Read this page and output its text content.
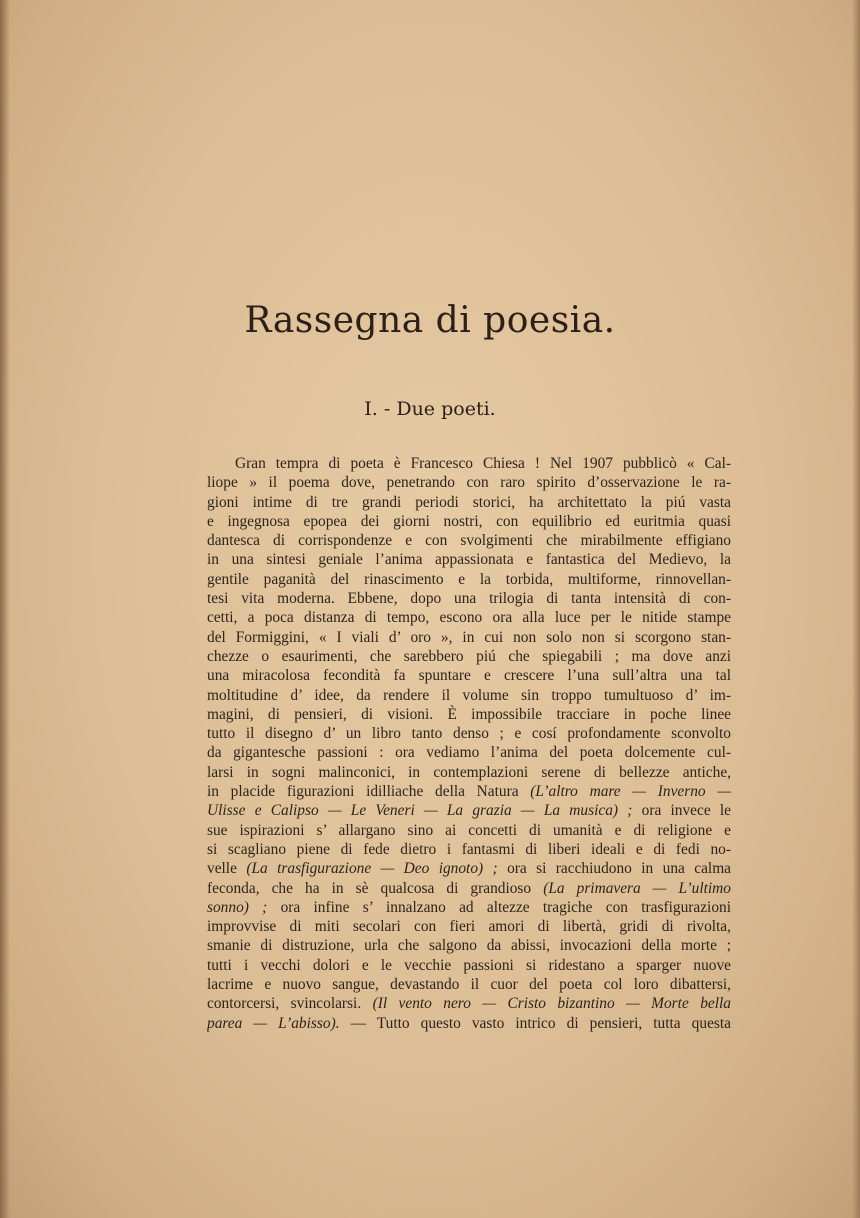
Rassegna di poesia.
I. - Due poeti.
Gran tempra di poeta è Francesco Chiesa ! Nel 1907 pubblicò « Cal-
liope » il poema dove, penetrando con raro spirito d’osservazione le ra-
gioni intime di tre grandi periodi storici, ha architettato la piú vasta
e ingegnosa epopea dei giorni nostri, con equilibrio ed euritmia quasi
dantesca di corrispondenze e con svolgimenti che mirabilmente effigiano
in una sintesi geniale l’anima appassionata e fantastica del Medievo, la
gentile paganità del rinascimento e la torbida, multiforme, rinnovellan-
tesi vita moderna. Ebbene, dopo una trilogia di tanta intensità di con-
cetti, a poca distanza di tempo, escono ora alla luce per le nitide stampe
del Formiggini, « I viali d’ oro », in cui non solo non si scorgono stan-
chezze o esaurimenti, che sarebbero piú che spiegabili ; ma dove anzi
una miracolosa fecondità fa spuntare e crescere l’una sull’altra una tal
moltitudine d’ idee, da rendere il volume sin troppo tumultuoso d’ im-
magini, di pensieri, di visioni. È impossibile tracciare in poche linee
tutto il disegno d’ un libro tanto denso ; e cosí profondamente sconvolto
da gigantesche passioni : ora vediamo l’anima del poeta dolcemente cul-
larsi in sogni malinconici, in contemplazioni serene di bellezze antiche,
in placide figurazioni idilliache della Natura (L’altro mare — Inverno —
Ulisse e Calipso — Le Veneri — La grazia — La musica) ; ora invece le
sue ispirazioni s’ allargano sino ai concetti di umanità e di religione e
si scagliano piene di fede dietro i fantasmi di liberi ideali e di fedi no-
velle (La trasfigurazione — Deo ignoto) ; ora si racchiudono in una calma
feconda, che ha in sè qualcosa di grandioso (La primavera — L’ultimo
sonno) ; ora infine s’ innalzano ad altezze tragiche con trasfigurazioni
improvvise di miti secolari con fieri amori di libertà, gridi di rivolta,
smanie di distruzione, urla che salgono da abissi, invocazioni della morte ;
tutti i vecchi dolori e le vecchie passioni si ridestano a sparger nuove
lacrime e nuovo sangue, devastando il cuor del poeta col loro dibattersi,
contorcersi, svincolarsi. (Il vento nero — Cristo bizantino — Morte bella
parea — L’abisso). — Tutto questo vasto intrico di pensieri, tutta questa
